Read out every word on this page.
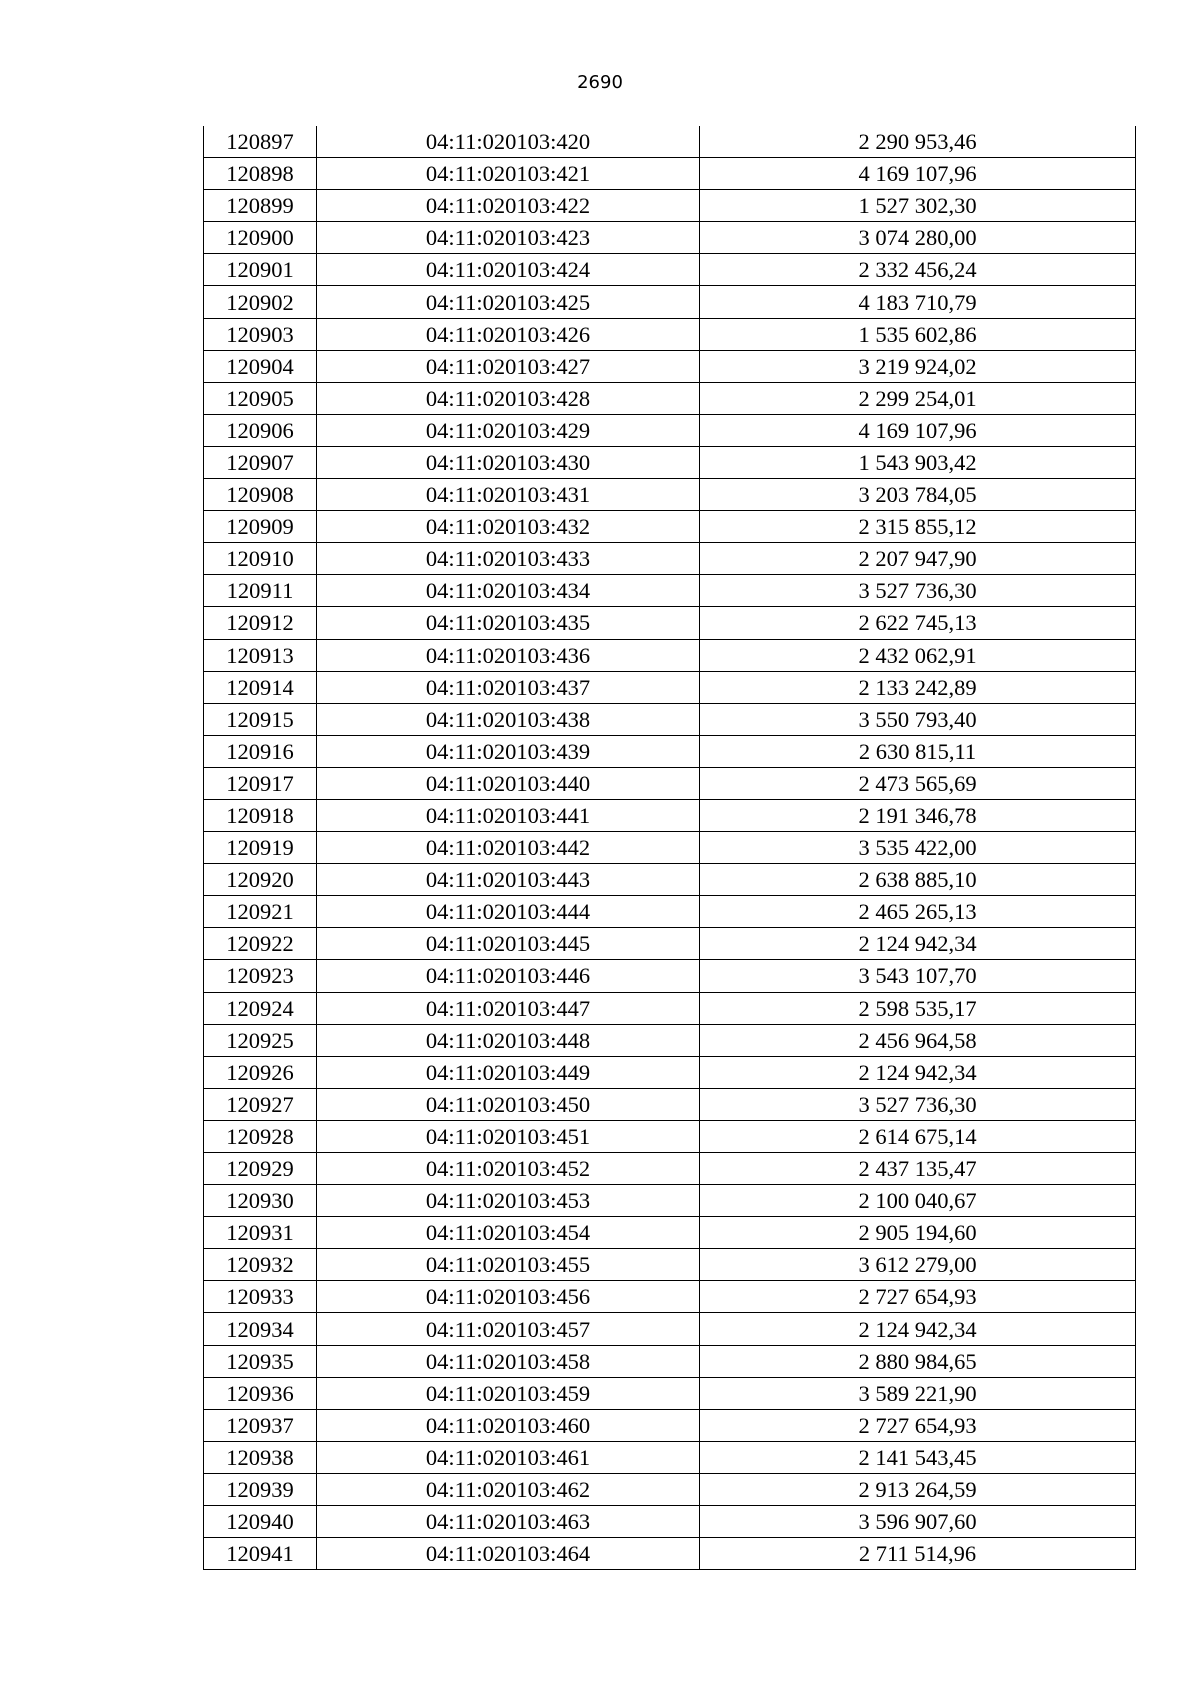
2690
120897	04:11:020103:420	2 290 953,46
120898	04:11:020103:421	4 169 107,96
120899	04:11:020103:422	1 527 302,30
120900	04:11:020103:423	3 074 280,00
120901	04:11:020103:424	2 332 456,24
120902	04:11:020103:425	4 183 710,79
120903	04:11:020103:426	1 535 602,86
120904	04:11:020103:427	3 219 924,02
120905	04:11:020103:428	2 299 254,01
120906	04:11:020103:429	4 169 107,96
120907	04:11:020103:430	1 543 903,42
120908	04:11:020103:431	3 203 784,05
120909	04:11:020103:432	2 315 855,12
120910	04:11:020103:433	2 207 947,90
120911	04:11:020103:434	3 527 736,30
120912	04:11:020103:435	2 622 745,13
120913	04:11:020103:436	2 432 062,91
120914	04:11:020103:437	2 133 242,89
120915	04:11:020103:438	3 550 793,40
120916	04:11:020103:439	2 630 815,11
120917	04:11:020103:440	2 473 565,69
120918	04:11:020103:441	2 191 346,78
120919	04:11:020103:442	3 535 422,00
120920	04:11:020103:443	2 638 885,10
120921	04:11:020103:444	2 465 265,13
120922	04:11:020103:445	2 124 942,34
120923	04:11:020103:446	3 543 107,70
120924	04:11:020103:447	2 598 535,17
120925	04:11:020103:448	2 456 964,58
120926	04:11:020103:449	2 124 942,34
120927	04:11:020103:450	3 527 736,30
120928	04:11:020103:451	2 614 675,14
120929	04:11:020103:452	2 437 135,47
120930	04:11:020103:453	2 100 040,67
120931	04:11:020103:454	2 905 194,60
120932	04:11:020103:455	3 612 279,00
120933	04:11:020103:456	2 727 654,93
120934	04:11:020103:457	2 124 942,34
120935	04:11:020103:458	2 880 984,65
120936	04:11:020103:459	3 589 221,90
120937	04:11:020103:460	2 727 654,93
120938	04:11:020103:461	2 141 543,45
120939	04:11:020103:462	2 913 264,59
120940	04:11:020103:463	3 596 907,60
120941	04:11:020103:464	2 711 514,96
